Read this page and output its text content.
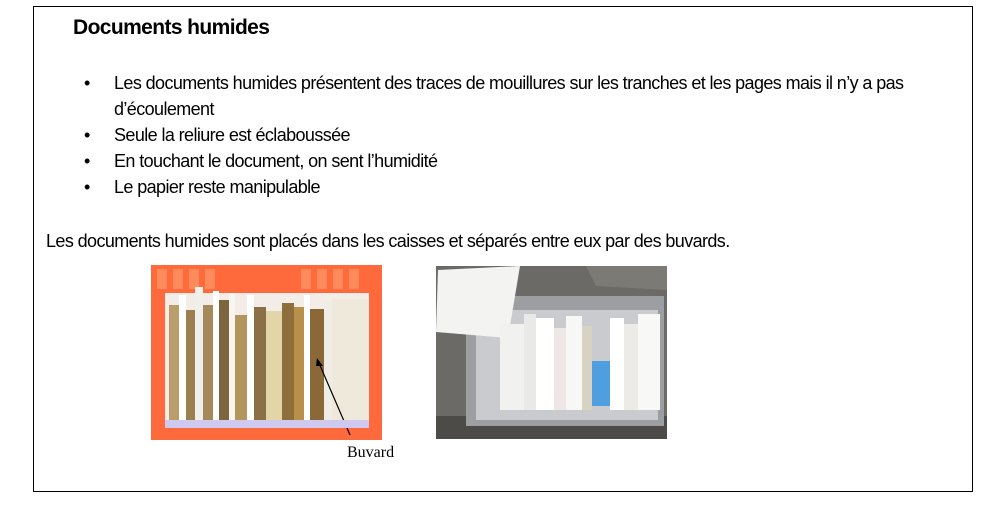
Documents humides
• Les documents humides présentent des traces de mouillures sur les tranches et les pages mais il n’y a pas d’écoulement
• Seule la reliure est éclaboussée
• En touchant le document, on sent l’humidité
• Le papier reste manipulable

Les documents humides sont placés dans les caisses et séparés entre eux par des buvards.

Buvard
